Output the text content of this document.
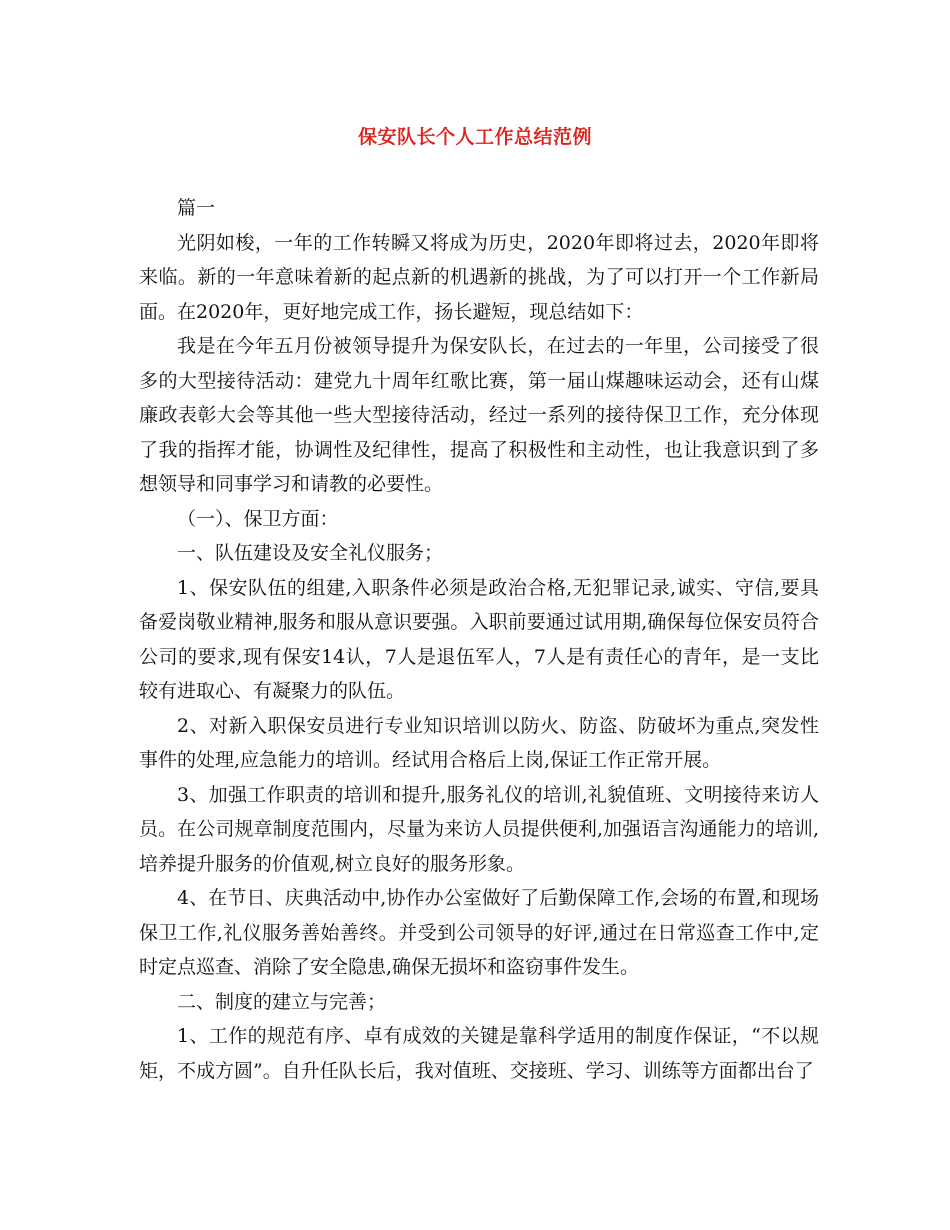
保安队长个人工作总结范例

篇一

光阴如梭，一年的工作转瞬又将成为历史，2020年即将过去，2020年即将来临。新的一年意味着新的起点新的机遇新的挑战，为了可以打开一个工作新局面。在2020年，更好地完成工作，扬长避短，现总结如下：

我是在今年五月份被领导提升为保安队长，在过去的一年里，公司接受了很多的大型接待活动：建党九十周年红歌比赛，第一届山煤趣味运动会，还有山煤廉政表彰大会等其他一些大型接待活动，经过一系列的接待保卫工作，充分体现了我的指挥才能，协调性及纪律性，提高了积极性和主动性，也让我意识到了多想领导和同事学习和请教的必要性。

（一）、保卫方面：

一、队伍建设及安全礼仪服务；

1、保安队伍的组建,入职条件必须是政治合格,无犯罪记录,诚实、守信,要具备爱岗敬业精神,服务和服从意识要强。入职前要通过试用期,确保每位保安员符合公司的要求,现有保安14认，7人是退伍军人，7人是有责任心的青年，是一支比较有进取心、有凝聚力的队伍。

2、对新入职保安员进行专业知识培训以防火、防盗、防破坏为重点,突发性事件的处理,应急能力的培训。经试用合格后上岗,保证工作正常开展。

3、加强工作职责的培训和提升,服务礼仪的培训,礼貌值班、文明接待来访人员。在公司规章制度范围内，尽量为来访人员提供便利,加强语言沟通能力的培训,培养提升服务的价值观,树立良好的服务形象。

4、在节日、庆典活动中,协作办公室做好了后勤保障工作,会场的布置,和现场保卫工作,礼仪服务善始善终。并受到公司领导的好评,通过在日常巡查工作中,定时定点巡查、消除了安全隐患,确保无损坏和盗窃事件发生。

二、制度的建立与完善；

1、工作的规范有序、卓有成效的关键是靠科学适用的制度作保证，“不以规矩，不成方圆”。自升任队长后，我对值班、交接班、学习、训练等方面都出台了
